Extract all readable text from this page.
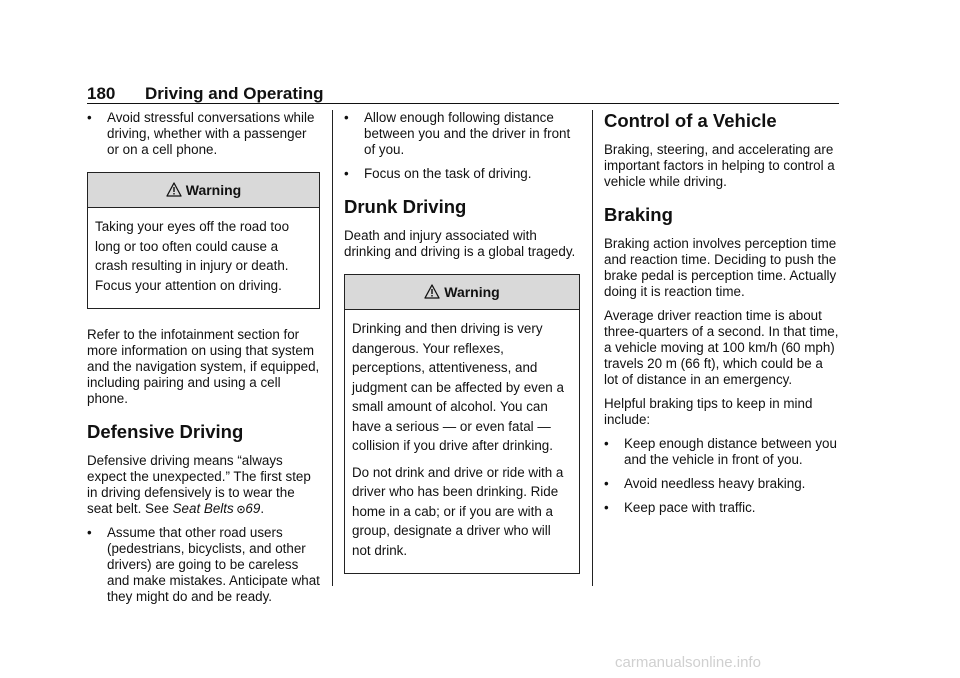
180 Driving and Operating
• Avoid stressful conversations while driving, whether with a passenger or on a cell phone.
Warning

Taking your eyes off the road too long or too often could cause a crash resulting in injury or death. Focus your attention on driving.

Refer to the infotainment section for more information on using that system and the navigation system, if equipped, including pairing and using a cell phone.

Defensive Driving

Defensive driving means “always expect the unexpected.” The first step in driving defensively is to wear the seat belt. See Seat Belts 69.

• Assume that other road users (pedestrians, bicyclists, and other drivers) are going to be careless and make mistakes. Anticipate what they might do and be ready.
• Allow enough following distance between you and the driver in front of you.
• Focus on the task of driving.
Drunk Driving

Death and injury associated with drinking and driving is a global tragedy.

Warning

Drinking and then driving is very dangerous. Your reflexes, perceptions, attentiveness, and judgment can be affected by even a small amount of alcohol. You can have a serious — or even fatal — collision if you drive after drinking.

Do not drink and drive or ride with a driver who has been drinking. Ride home in a cab; or if you are with a group, designate a driver who will not drink.

Control of a Vehicle

Braking, steering, and accelerating are important factors in helping to control a vehicle while driving.

Braking

Braking action involves perception time and reaction time. Deciding to push the brake pedal is perception time. Actually doing it is reaction time.

Average driver reaction time is about three-quarters of a second. In that time, a vehicle moving at 100 km/h (60 mph) travels 20 m (66 ft), which could be a lot of distance in an emergency.

Helpful braking tips to keep in mind include:

• Keep enough distance between you and the vehicle in front of you.
• Avoid needless heavy braking.
• Keep pace with traffic.
carmanualsonline.info
